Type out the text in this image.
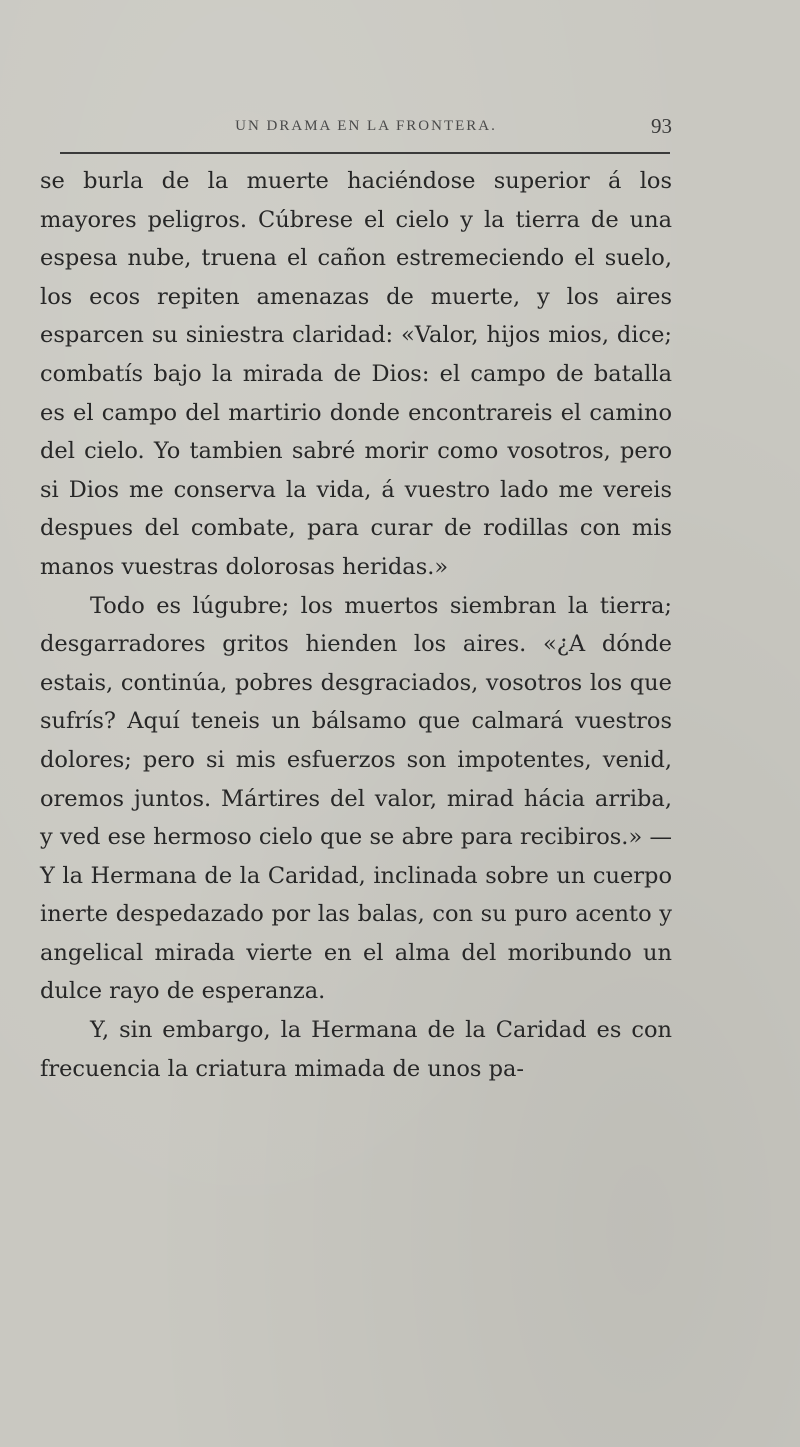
UN DRAMA EN LA FRONTERA.	93

se burla de la muerte haciéndose superior á los mayores peligros. Cúbrese el cielo y la tierra de una espesa nube, truena el cañon estremeciendo el suelo, los ecos repiten amenazas de muerte, y los aires esparcen su siniestra claridad: «Valor, hijos mios, dice; combatís bajo la mirada de Dios: el campo de batalla es el campo del martirio donde encontrareis el camino del cielo. Yo tambien sabré morir como vosotros, pero si Dios me conserva la vida, á vuestro lado me vereis despues del combate, para curar de rodillas con mis manos vuestras dolorosas heridas.»

Todo es lúgubre; los muertos siembran la tierra; desgarradores gritos hienden los aires. «¿A dónde estais, continúa, pobres desgraciados, vosotros los que sufrís? Aquí teneis un bálsamo que calmará vuestros dolores; pero si mis esfuerzos son impotentes, venid, oremos juntos. Mártires del valor, mirad hácia arriba, y ved ese hermoso cielo que se abre para recibiros.» —Y la Hermana de la Caridad, inclinada sobre un cuerpo inerte despedazado por las balas, con su puro acento y angelical mirada vierte en el alma del moribundo un dulce rayo de esperanza.

Y, sin embargo, la Hermana de la Caridad es con frecuencia la criatura mimada de unos pa-
